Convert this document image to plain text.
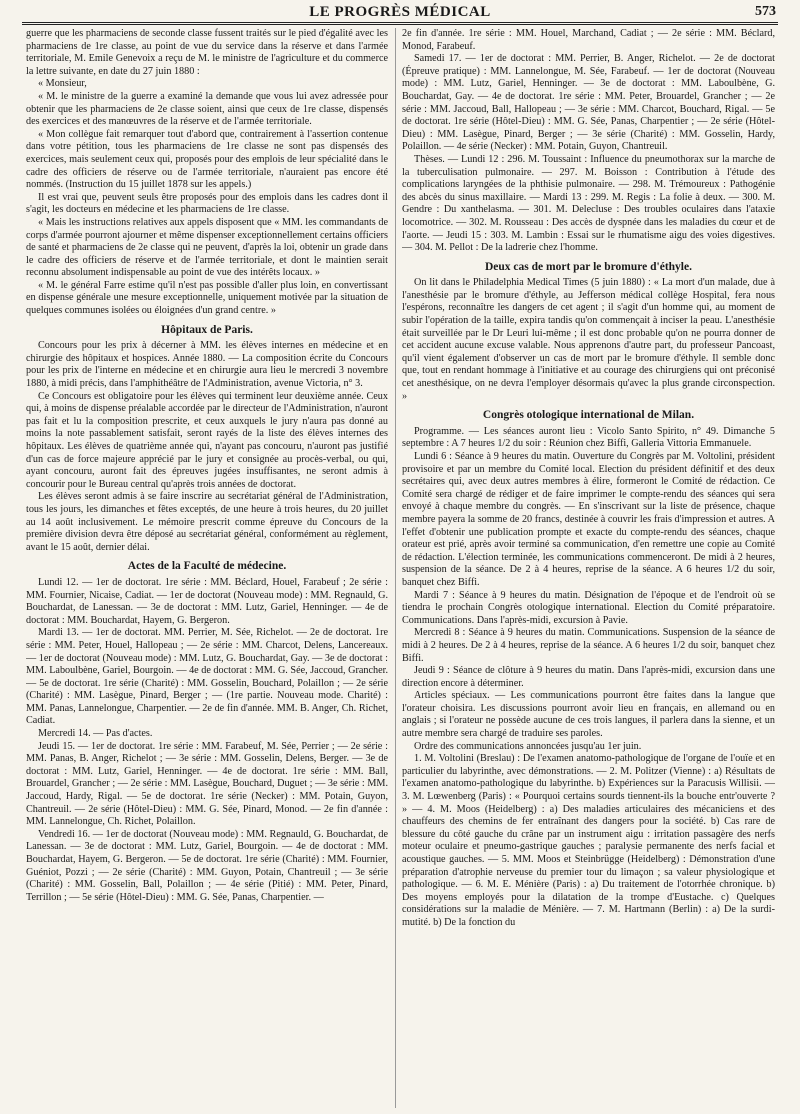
LE PROGRÈS MÉDICAL	573

guerre que les pharmaciens de seconde classe fussent traités sur le pied d'égalité avec les pharmaciens de 1re classe, au point de vue du service dans la réserve et dans l'armée territoriale, M. Emile Genevoix a reçu de M. le ministre de l'agriculture et du commerce la lettre suivante, en date du 27 juin 1880 :

« Monsieur,

« M. le ministre de la guerre a examiné la demande que vous lui avez adressée pour obtenir que les pharmaciens de 2e classe soient, ainsi que ceux de 1re classe, dispensés des exercices et des manœuvres de la réserve et de l'armée territoriale.

« Mon collègue fait remarquer tout d'abord que, contrairement à l'assertion contenue dans votre pétition, tous les pharmaciens de 1re classe ne sont pas dispensés des exercices, mais seulement ceux qui, proposés pour des emplois de leur spécialité dans le cadre des officiers de réserve ou de l'armée territoriale, n'auraient pas encore été nommés. (Instruction du 15 juillet 1878 sur les appels.)

Il est vrai que, peuvent seuls être proposés pour des emplois dans les cadres dont il s'agit, les docteurs en médecine et les pharmaciens de 1re classe.

« Mais les instructions relatives aux appels disposent que « MM. les commandants de corps d'armée pourront ajourner et même dispenser exceptionnellement certains officiers de santé et pharmaciens de 2e classe qui ne peuvent, d'après la loi, obtenir un grade dans le cadre des officiers de réserve et de l'armée territoriale, et dont le maintien serait reconnu absolument indispensable au point de vue des intérêts locaux. »

« M. le général Farre estime qu'il n'est pas possible d'aller plus loin, en convertissant en dispense générale une mesure exceptionnelle, uniquement motivée par la situation de quelques communes isolées ou éloignées d'un grand centre. »

Hôpitaux de Paris.

Concours pour les prix à décerner à MM. les élèves internes en médecine et en chirurgie des hôpitaux et hospices. Année 1880. — La composition écrite du Concours pour les prix de l'interne en médecine et en chirurgie aura lieu le mercredi 3 novembre 1880, à midi précis, dans l'amphithéâtre de l'Administration, avenue Victoria, n° 3.

Ce Concours est obligatoire pour les élèves qui terminent leur deuxième année. Ceux qui, à moins de dispense préalable accordée par le directeur de l'Administration, n'auront pas fait et lu la composition prescrite, et ceux auxquels le jury n'aura pas donné au moins la note passablement satisfait, seront rayés de la liste des élèves internes des hôpitaux. Les élèves de quatrième année qui, n'ayant pas concouru, n'auront pas justifié d'un cas de force majeure apprécié par le jury et consignée au procès-verbal, ou qui, ayant concouru, auront fait des épreuves jugées insuffisantes, ne seront admis à concourir pour le Bureau central qu'après trois années de doctorat.

Les élèves seront admis à se faire inscrire au secrétariat général de l'Administration, tous les jours, les dimanches et fêtes exceptés, de une heure à trois heures, du 20 juillet au 14 août inclusivement. Le mémoire prescrit comme épreuve du Concours de la première division devra être déposé au secrétariat général, conformément au règlement, avant le 15 août, dernier délai.

Actes de la Faculté de médecine.

Lundi 12. — 1er de doctorat. 1re série : MM. Béclard, Houel, Farabeuf ; 2e série : MM. Fournier, Nicaise, Cadiat. — 1er de doctorat (Nouveau mode) : MM. Regnauld, G. Bouchardat, de Lanessan. — 3e de doctorat : MM. Lutz, Gariel, Henninger. — 4e de doctorat : MM. Bouchardat, Hayem, G. Bergeron.

Mardi 13. — 1er de doctorat. MM. Perrier, M. Sée, Richelot. — 2e de doctorat. 1re série : MM. Peter, Houel, Hallopeau ; — 2e série : MM. Charcot, Delens, Lancereaux. — 1er de doctorat (Nouveau mode) : MM. Lutz, G. Bouchardat, Gay. — 3e de doctorat : MM. Laboulbène, Gariel, Bourgoin. — 4e de doctorat : MM. G. Sée, Jaccoud, Grancher. — 5e de doctorat. 1re série (Charité) : MM. Gosselin, Bouchard, Polaillon ; — 2e série (Charité) : MM. Lasègue, Pinard, Berger ; — (1re partie. Nouveau mode. Charité) : MM. Panas, Lannelongue, Charpentier. — 2e de fin d'année. MM. B. Anger, Ch. Richet, Cadiat.

Mercredi 14. — Pas d'actes.

Jeudi 15. — 1er de doctorat. 1re série : MM. Farabeuf, M. Sée, Perrier ; — 2e série : MM. Panas, B. Anger, Richelot ; — 3e série : MM. Gosselin, Delens, Berger. — 3e de doctorat : MM. Lutz, Gariel, Henninger. — 4e de doctorat. 1re série : MM. Ball, Brouardel, Grancher ; — 2e série : MM. Lasègue, Bouchard, Duguet ; — 3e série : MM. Jaccoud, Hardy, Rigal. — 5e de doctorat. 1re série (Necker) : MM. Potain, Guyon, Chantreuil. — 2e série (Hôtel-Dieu) : MM. G. Sée, Pinard, Monod. — 2e fin d'année : MM. Lannelongue, Ch. Richet, Polaillon.

Vendredi 16. — 1er de doctorat (Nouveau mode) : MM. Regnauld, G. Bouchardat, de Lanessan. — 3e de doctorat : MM. Lutz, Gariel, Bourgoin. — 4e de doctorat : MM. Bouchardat, Hayem, G. Bergeron. — 5e de doctorat. 1re série (Charité) : MM. Fournier, Guéniot, Pozzi ; — 2e série (Charité) : MM. Guyon, Potain, Chantreuil ; — 3e série (Charité) : MM. Gosselin, Ball, Polaillon ; — 4e série (Pitié) : MM. Peter, Pinard, Terrillon ; — 5e série (Hôtel-Dieu) : MM. G. Sée, Panas, Charpentier. —

2e fin d'année. 1re série : MM. Houel, Marchand, Cadiat ; — 2e série : MM. Béclard, Monod, Farabeuf.

Samedi 17. — 1er de doctorat : MM. Perrier, B. Anger, Richelot. — 2e de doctorat (Épreuve pratique) : MM. Lannelongue, M. Sée, Farabeuf. — 1er de doctorat (Nouveau mode) : MM. Lutz, Gariel, Henninger. — 3e de doctorat : MM. Laboulbène, G. Bouchardat, Gay. — 4e de doctorat. 1re série : MM. Peter, Brouardel, Grancher ; — 2e série : MM. Jaccoud, Ball, Hallopeau ; — 3e série : MM. Charcot, Bouchard, Rigal. — 5e de doctorat. 1re série (Hôtel-Dieu) : MM. G. Sée, Panas, Charpentier ; — 2e série (Hôtel-Dieu) : MM. Lasègue, Pinard, Berger ; — 3e série (Charité) : MM. Gosselin, Hardy, Polaillon. — 4e série (Necker) : MM. Potain, Guyon, Chantreuil.

Thèses. — Lundi 12 : 296. M. Toussaint : Influence du pneumothorax sur la marche de la tuberculisation pulmonaire. — 297. M. Boisson : Contribution à l'étude des complications laryngées de la phthisie pulmonaire. — 298. M. Trémoureux : Pathogénie des abcès du sinus maxillaire. — Mardi 13 : 299. M. Regis : La folie à deux. — 300. M. Gendre : Du xanthelasma. — 301. M. Delecluse : Des troubles oculaires dans l'ataxie locomotrice. — 302. M. Rousseau : Des accès de dyspnée dans les maladies du cœur et de l'aorte. — Jeudi 15 : 303. M. Lambin : Essai sur le rhumatisme aigu des voies digestives. — 304. M. Pellot : De la ladrerie chez l'homme.

Deux cas de mort par le bromure d'éthyle.

On lit dans le Philadelphia Medical Times (5 juin 1880) : « La mort d'un malade, due à l'anesthésie par le bromure d'éthyle, au Jefferson médical collège Hospital, fera nous l'espérons, reconnaître les dangers de cet agent ; il s'agit d'un homme qui, au moment de subir l'opération de la taille, expira tandis qu'on commençait à inciser la peau. L'anesthésie était surveillée par le Dr Leuri lui-même ; il est donc probable qu'on ne pourra donner de cet accident aucune excuse valable. Nous apprenons d'autre part, du professeur Pancoast, qu'il vient également d'observer un cas de mort par le bromure d'éthyle. Il semble donc que, tout en rendant hommage à l'initiative et au courage des chirurgiens qui ont préconisé cet anesthésique, on ne devra l'employer désormais qu'avec la plus grande circonspection. »

Congrès otologique international de Milan.

Programme. — Les séances auront lieu : Vicolo Santo Spirito, n° 49. Dimanche 5 septembre : A 7 heures 1/2 du soir : Réunion chez Biffi, Galleria Vittoria Emmanuele.

Lundi 6 : Séance à 9 heures du matin. Ouverture du Congrès par M. Voltolini, président provisoire et par un membre du Comité local. Election du président définitif et des deux secrétaires qui, avec deux autres membres à élire, formeront le Comité de rédaction. Ce Comité sera chargé de rédiger et de faire imprimer le compte-rendu des séances qui sera envoyé à chaque membre du congrès. — En s'inscrivant sur la liste de présence, chaque membre payera la somme de 20 francs, destinée à couvrir les frais d'impression et autres. A l'effet d'obtenir une publication prompte et exacte du compte-rendu des séances, chaque orateur est prié, après avoir terminé sa communication, d'en remettre une copie au Comité de rédaction. L'élection terminée, les communications commenceront. De midi à 2 heures, suspension de la séance. De 2 à 4 heures, reprise de la séance. A 6 heures 1/2 du soir, banquet chez Biffi.

Mardi 7 : Séance à 9 heures du matin. Désignation de l'époque et de l'endroit où se tiendra le prochain Congrès otologique international. Election du Comité préparatoire. Communications. Dans l'après-midi, excursion à Pavie.

Mercredi 8 : Séance à 9 heures du matin. Communications. Suspension de la séance de midi à 2 heures. De 2 à 4 heures, reprise de la séance. A 6 heures 1/2 du soir, banquet chez Biffi.

Jeudi 9 : Séance de clôture à 9 heures du matin. Dans l'après-midi, excursion dans une direction encore à déterminer.

Articles spéciaux. — Les communications pourront être faites dans la langue que l'orateur choisira. Les discussions pourront avoir lieu en français, en allemand ou en anglais ; si l'orateur ne possède aucune de ces trois langues, il parlera dans la sienne, et un autre membre sera chargé de traduire ses paroles.

Ordre des communications annoncées jusqu'au 1er juin.

1. M. Voltolini (Breslau) : De l'examen anatomo-pathologique de l'organe de l'ouïe et en particulier du labyrinthe, avec démonstrations. — 2. M. Politzer (Vienne) : a) Résultats de l'examen anatomo-pathologique du labyrinthe. b) Expériences sur la Paracusis Willisii. — 3. M. Lœwenberg (Paris) : « Pourquoi certains sourds tiennent-ils la bouche entr'ouverte ? » — 4. M. Moos (Heidelberg) : a) Des maladies articulaires des mécaniciens et des chauffeurs des chemins de fer entraînant des dangers pour la société. b) Cas rare de blessure du côté gauche du crâne par un instrument aigu : irritation passagère des nerfs moteur oculaire et pneumo-gastrique gauches ; paralysie permanente des nerfs facial et acoustique gauches. — 5. MM. Moos et Steinbrügge (Heidelberg) : Démonstration d'une préparation d'atrophie nerveuse du premier tour du limaçon ; sa valeur physiologique et pathologique. — 6. M. E. Ménière (Paris) : a) Du traitement de l'otorrhée chronique. b) Des moyens employés pour la dilatation de la trompe d'Eustache. c) Quelques considérations sur la maladie de Ménière. — 7. M. Hartmann (Berlin) : a) De la surdi-mutité. b) De la fonction du
